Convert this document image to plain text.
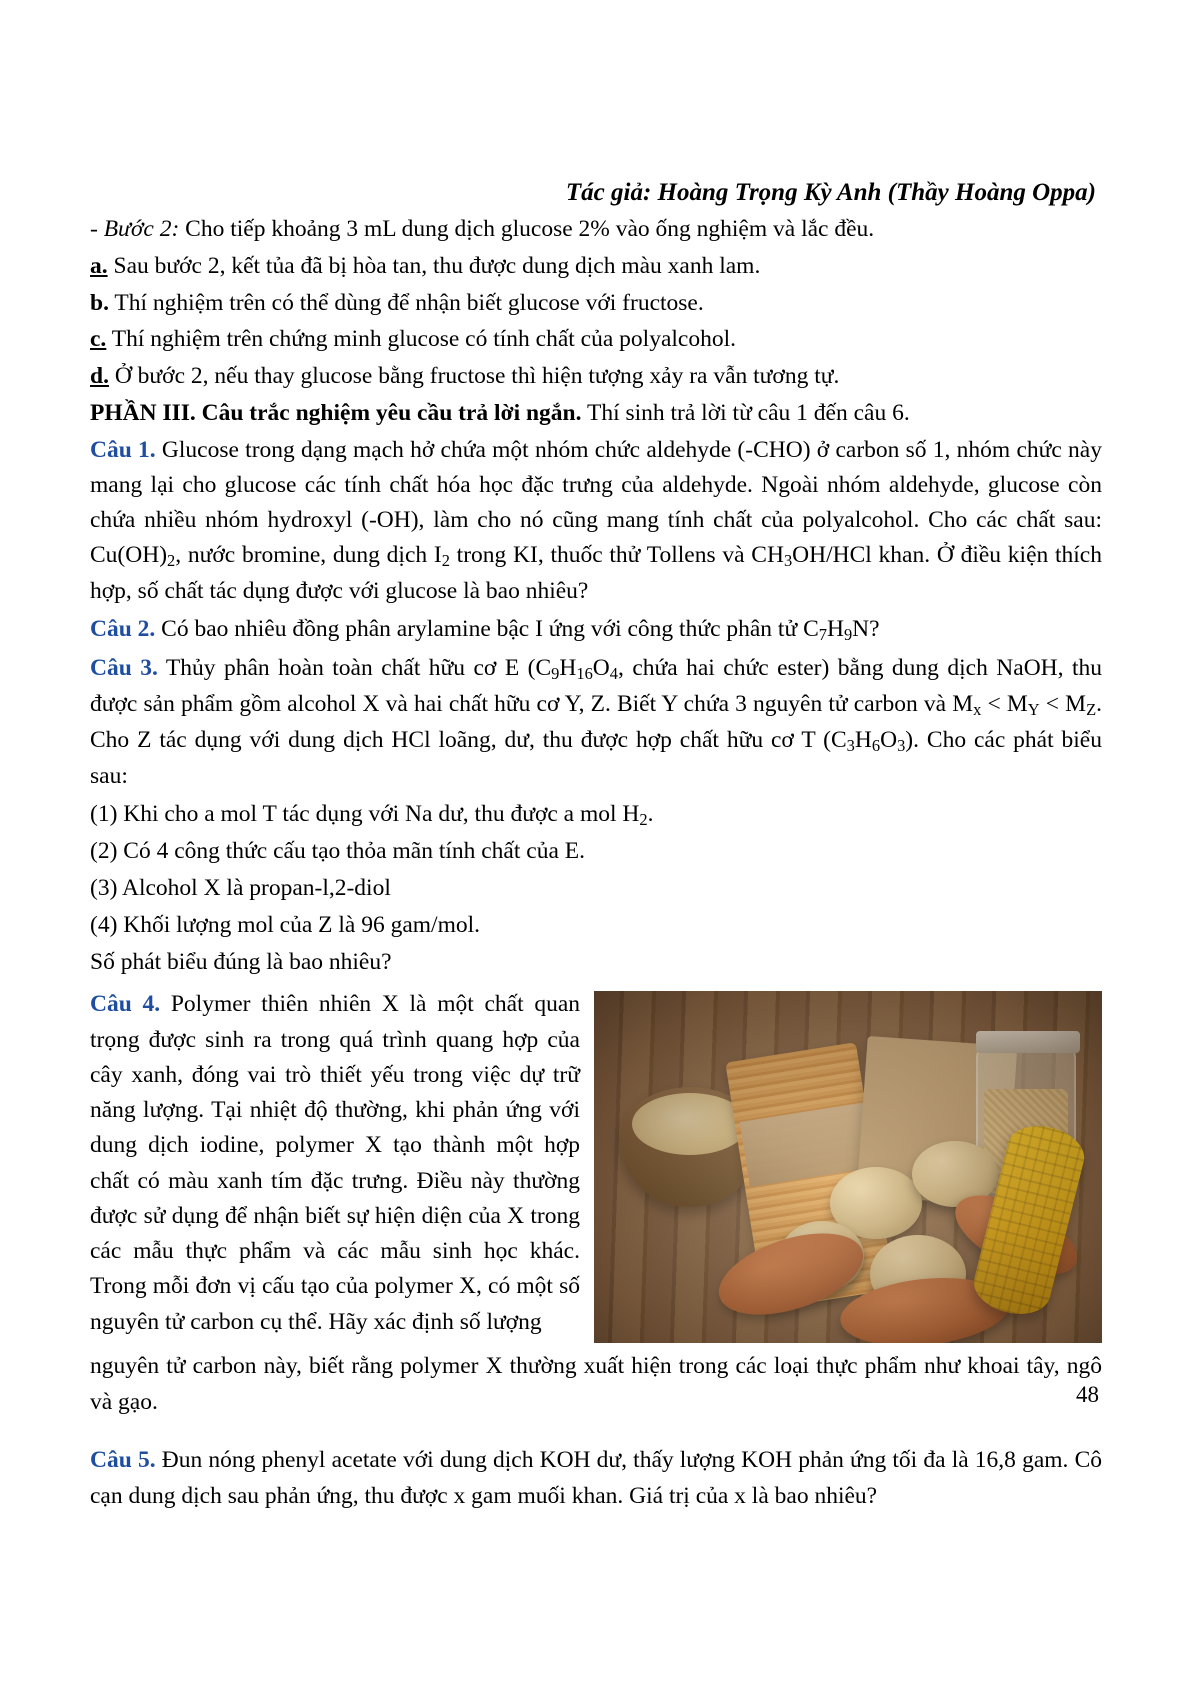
Tác giả: Hoàng Trọng Kỳ Anh (Thầy Hoàng Oppa)

- Bước 2: Cho tiếp khoảng 3 mL dung dịch glucose 2% vào ống nghiệm và lắc đều.

a. Sau bước 2, kết tủa đã bị hòa tan, thu được dung dịch màu xanh lam.

b. Thí nghiệm trên có thể dùng để nhận biết glucose với fructose.

c. Thí nghiệm trên chứng minh glucose có tính chất của polyalcohol.

d. Ở bước 2, nếu thay glucose bằng fructose thì hiện tượng xảy ra vẫn tương tự.

PHẦN III. Câu trắc nghiệm yêu cầu trả lời ngắn. Thí sinh trả lời từ câu 1 đến câu 6.

Câu 1. Glucose trong dạng mạch hở chứa một nhóm chức aldehyde (-CHO) ở carbon số 1, nhóm chức này mang lại cho glucose các tính chất hóa học đặc trưng của aldehyde. Ngoài nhóm aldehyde, glucose còn chứa nhiều nhóm hydroxyl (-OH), làm cho nó cũng mang tính chất của polyalcohol. Cho các chất sau: $Cu(OH)_2$, nước bromine, dung dịch $I_2$ trong KI, thuốc thử Tollens và $CH_3OH$/HCl khan. Ở điều kiện thích hợp, số chất tác dụng được với glucose là bao nhiêu?

Câu 2. Có bao nhiêu đồng phân arylamine bậc I ứng với công thức phân tử $C_7H_9N$?

Câu 3. Thủy phân hoàn toàn chất hữu cơ E ($C_9H_{16}O_4$, chứa hai chức ester) bằng dung dịch NaOH, thu được sản phẩm gồm alcohol X và hai chất hữu cơ Y, Z. Biết Y chứa 3 nguyên tử carbon và $M_x < M_Y < M_Z$. Cho Z tác dụng với dung dịch HCl loãng, dư, thu được hợp chất hữu cơ T $(C_3H_6O_3)$. Cho các phát biểu sau:

(1) Khi cho a mol T tác dụng với Na dư, thu được a mol $H_2$.

(2) Có 4 công thức cấu tạo thỏa mãn tính chất của E.

(3) Alcohol X là propan-l,2-diol

(4) Khối lượng mol của Z là 96 gam/mol.

Số phát biểu đúng là bao nhiêu?

Câu 4. Polymer thiên nhiên X là một chất quan trọng được sinh ra trong quá trình quang hợp của cây xanh, đóng vai trò thiết yếu trong việc dự trữ năng lượng. Tại nhiệt độ thường, khi phản ứng với dung dịch iodine, polymer X tạo thành một hợp chất có màu xanh tím đặc trưng. Điều này thường được sử dụng để nhận biết sự hiện diện của X trong các mẫu thực phẩm và các mẫu sinh học khác. Trong mỗi đơn vị cấu tạo của polymer X, có một số nguyên tử carbon cụ thể. Hãy xác định số lượng

nguyên tử carbon này, biết rằng polymer X thường xuất hiện trong các loại thực phẩm như khoai tây, ngô và gạo.

Câu 5. Đun nóng phenyl acetate với dung dịch KOH dư, thấy lượng KOH phản ứng tối đa là 16,8 gam. Cô cạn dung dịch sau phản ứng, thu được x gam muối khan. Giá trị của x là bao nhiêu?

48
